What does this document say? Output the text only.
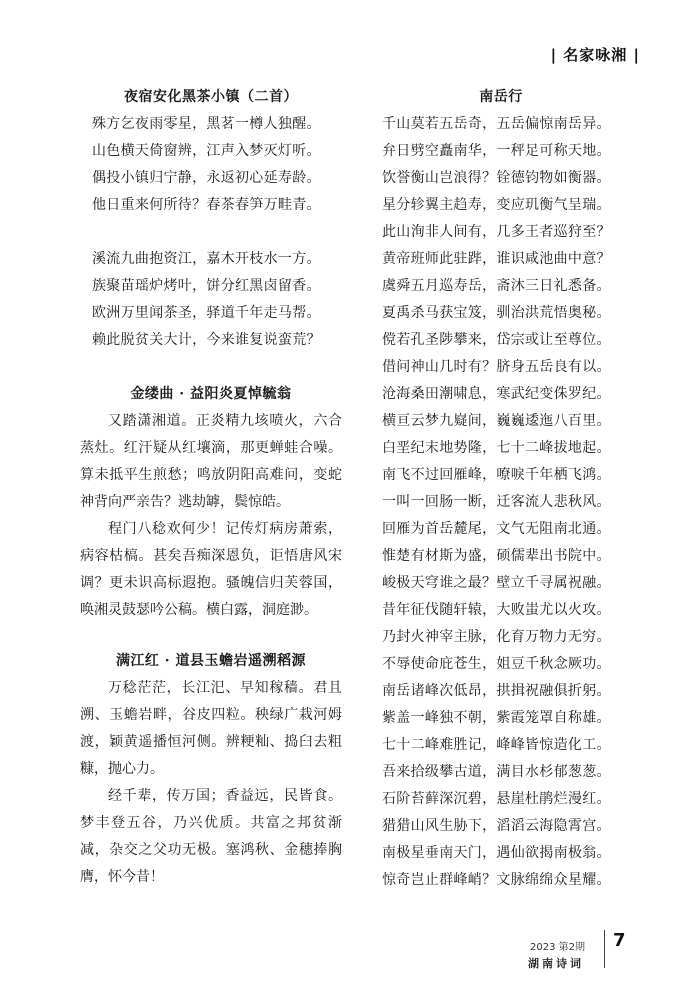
| 名家咏湘 |
夜宿安化黑茶小镇（二首）

殊方乞夜雨零星，黑茗一樽人独醒。

山色横天倚窗辨，江声入梦灭灯听。

偶投小镇归宁静，永返初心延寿龄。

他日重来何所待？春茶春笋万畦青。

溪流九曲抱资江，嘉木开枝水一方。

族聚苗瑶炉烤叶，饼分红黑卤留香。

欧洲万里闻茶圣，驿道千年走马帮。

赖此脱贫关大计，今来谁复说蛮荒？

金缕曲 · 益阳炎夏悼毓翁

又踏潇湘道。正炎精九垓喷火，六合蒸灶。红汗疑从红壤滴，那更蝉蛙合噪。算未抵平生煎愁；鸣放阴阳高难问，变蛇神背向严亲告？逃劫罅，鬓惊皓。

程门八稔欢何少！记传灯病房萧索，病容枯槁。甚矣吾痴深恩负，讵悟唐风宋调？更未识高标遐抱。骚魄信归芙蓉国，唤湘灵鼓瑟吟公稿。横白露，洞庭渺。

满江红 · 道县玉蟾岩遥溯稻源

万稔茫茫，长江汜、早知稼穑。君且溯、玉蟾岩畔，谷皮四粒。秧绿广栽河姆渡，颖黄遥播恒河侧。辨粳籼、捣臼去粗糠，抛心力。

经千辈，传万国；香益远，民皆食。梦丰登五谷，乃兴优质。共富之邦贫渐减，杂交之父功无极。塞鸿秋、金穗捧胸膺，怀今昔！

南岳行

千山莫若五岳奇，五岳偏惊南岳异。

弁日劈空矗南华，一秤足可称天地。

饮誉衡山岂浪得？铨德钧物如衡器。

星分轸翼主趋寿，变应玑衡气呈瑞。

此山洵非人间有，几多王者巡狩至？

黄帝班师此驻跸，谁识咸池曲中意？

虞舜五月巡寿岳，斋沐三日礼悉备。

夏禹杀马获宝笈，驯治洪荒悟奥秘。

傥若孔圣陟攀来，岱宗或让至尊位。

借问神山几时有？脐身五岳良有以。

沧海桑田潮啸息，寒武纪变侏罗纪。

横亘云梦九嶷间，巍巍逶迤八百里。

白垩纪末地势隆，七十二峰拔地起。

南飞不过回雁峰，嘹唳千年栖飞鸿。

一叫一回肠一断，迁客流人悲秋风。

回雁为首岳麓尾，文气无阻南北通。

惟楚有材斯为盛，硕儒辈出书院中。

峻极天穹谁之最？壁立千寻属祝融。

昔年征伐随轩辕，大败蚩尤以火攻。

乃封火神宰主脉，化育万物力无穷。

不辱使命庇苍生，姐豆千秋念厥功。

南岳诸峰次低昂，拱揖祝融俱折躬。

紫盖一峰独不朝，紫霞笼罩自称雄。

七十二峰难胜记，峰峰皆惊造化工。

吾来拾级攀古道，满目水杉郁葱葱。

石阶苔藓深沉碧，悬崖杜鹃烂漫红。

猎猎山风生胁下，滔滔云海隐霄宫。

南极星垂南天门，遇仙欲揭南极翁。

惊奇岂止群峰峭？文脉绵绵众星耀。

2023 第2期
湖南诗词
7
